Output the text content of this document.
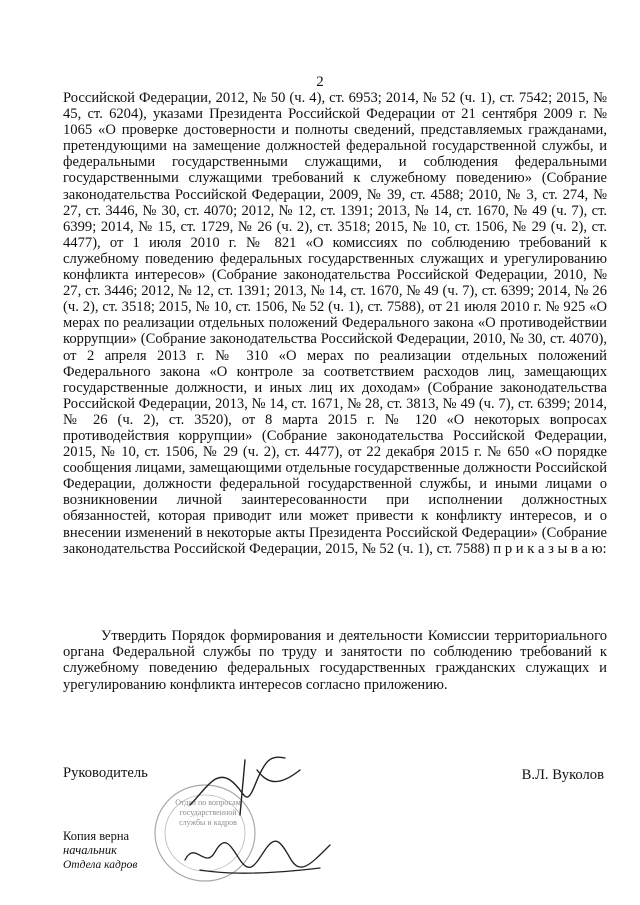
2
Российской Федерации, 2012, № 50 (ч. 4), ст. 6953; 2014, № 52 (ч. 1), ст. 7542; 2015, № 45, ст. 6204), указами Президента Российской Федерации от 21 сентября 2009 г. № 1065 «О проверке достоверности и полноты сведений, представляемых гражданами, претендующими на замещение должностей федеральной государственной службы, и федеральными государственными служащими, и соблюдения федеральными государственными служащими требований к служебному поведению» (Собрание законодательства Российской Федерации, 2009, № 39, ст. 4588; 2010, № 3, ст. 274, № 27, ст. 3446, № 30, ст. 4070; 2012, № 12, ст. 1391; 2013, № 14, ст. 1670, № 49 (ч. 7), ст. 6399; 2014, № 15, ст. 1729, № 26 (ч. 2), ст. 3518; 2015, № 10, ст. 1506, № 29 (ч. 2), ст. 4477), от 1 июля 2010 г. № 821 «О комиссиях по соблюдению требований к служебному поведению федеральных государственных служащих и урегулированию конфликта интересов» (Собрание законодательства Российской Федерации, 2010, № 27, ст. 3446; 2012, № 12, ст. 1391; 2013, № 14, ст. 1670, № 49 (ч. 7), ст. 6399; 2014, № 26 (ч. 2), ст. 3518; 2015, № 10, ст. 1506, № 52 (ч. 1), ст. 7588), от 21 июля 2010 г. № 925 «О мерах по реализации отдельных положений Федерального закона «О противодействии коррупции» (Собрание законодательства Российской Федерации, 2010, № 30, ст. 4070), от 2 апреля 2013 г. № 310 «О мерах по реализации отдельных положений Федерального закона «О контроле за соответствием расходов лиц, замещающих государственные должности, и иных лиц их доходам» (Собрание законодательства Российской Федерации, 2013, № 14, ст. 1671, № 28, ст. 3813, № 49 (ч. 7), ст. 6399; 2014, № 26 (ч. 2), ст. 3520), от 8 марта 2015 г. № 120 «О некоторых вопросах противодействия коррупции» (Собрание законодательства Российской Федерации, 2015, № 10, ст. 1506, № 29 (ч. 2), ст. 4477), от 22 декабря 2015 г. № 650 «О порядке сообщения лицами, замещающими отдельные государственные должности Российской Федерации, должности федеральной государственной службы, и иными лицами о возникновении личной заинтересованности при исполнении должностных обязанностей, которая приводит или может привести к конфликту интересов, и о внесении изменений в некоторые акты Президента Российской Федерации» (Собрание законодательства Российской Федерации, 2015, № 52 (ч. 1), ст. 7588) п р и к а з ы в а ю:
Утвердить Порядок формирования и деятельности Комиссии территориального органа Федеральной службы по труду и занятости по соблюдению требований к служебному поведению федеральных государственных гражданских служащих и урегулированию конфликта интересов согласно приложению.
Руководитель	В.Л. Вуколов
Отдел по вопросам государственной службы и кадров
Копия верна
начальник
Отдела кадров
